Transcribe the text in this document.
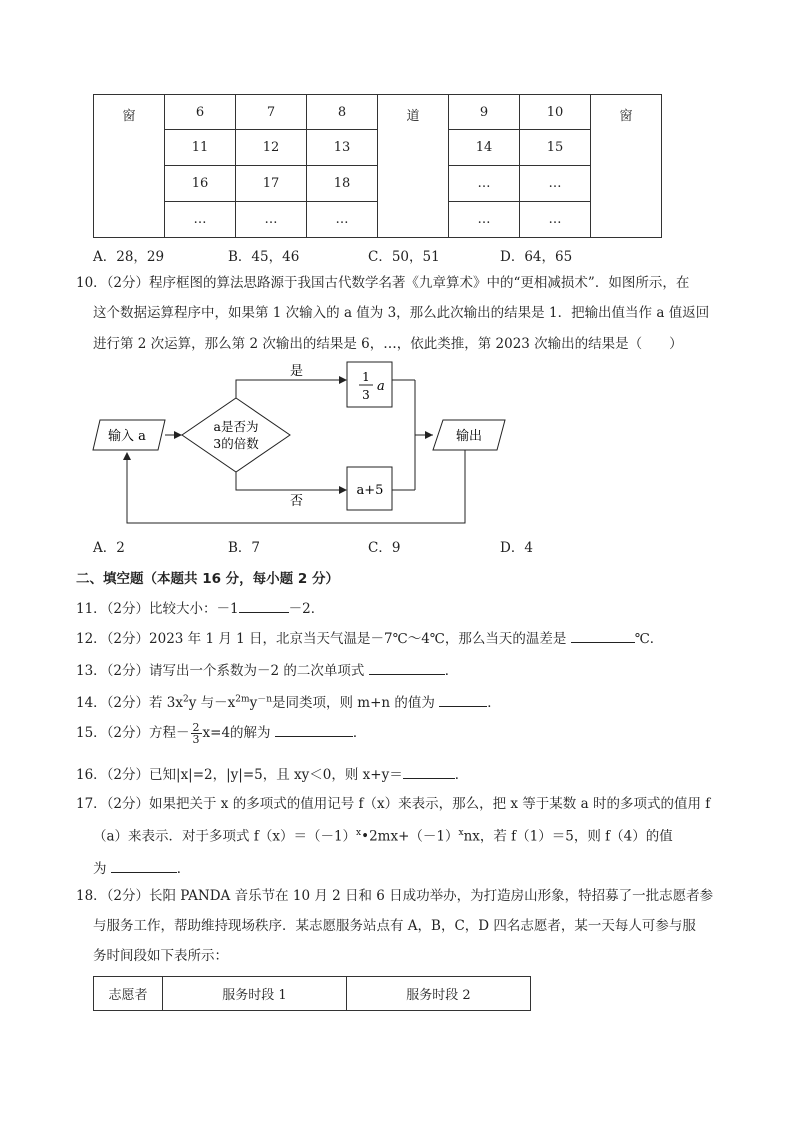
窗	6	7	8	道	9	10	窗
	11	12	13		14	15	
	16	17	18		…	…	
	…	…	…		…	…	
A．28，29	B．45，46	C．50，51	D．64，65
10．（2分）程序框图的算法思路源于我国古代数学名著《九章算术》中的“更相减损术”．如图所示，在
这个数据运算程序中，如果第 1 次输入的 a 值为 3，那么此次输出的结果是 1．把输出值当作 a 值返回
进行第 2 次运算，那么第 2 次输出的结果是 6，…，依此类推，第 2023 次输出的结果是（　　）
输入 a
a是否为
3的倍数
是
否
1
3
a
a+5
输出
A．2	B．7	C．9	D．4
二、填空题（本题共 16 分，每小题 2 分）
11．（2分）比较大小：－1	－2．
12．（2分）2023 年 1 月 1 日，北京当天气温是－7℃～4℃，那么当天的温差是	℃．
13．（2分）请写出一个系数为－2 的二次单项式	．
14．（2分）若 $3x^2y$ 与$-x^{2m}y^{-n}$是同类项，则 m+n 的值为	．
15．（2分）方程－ $\frac{2}{3} x=4$的解为	．
16．（2分）已知|x|=2，|y|=5，且 xy＜0，则 x+y＝	．
17．（2分）如果把关于 x 的多项式的值用记号 f（x）来表示，那么，把 x 等于某数 a 时的多项式的值用 f
（a）来表示．对于多项式 $f(x)=(-1)^x•2mx+(-1)^xnx$，若 f（1）＝5，则 f（4）的值
为	．
18．（2分）长阳 PANDA 音乐节在 10 月 2 日和 6 日成功举办，为打造房山形象，特招募了一批志愿者参
与服务工作，帮助维持现场秩序．某志愿服务站点有 A，B，C，D 四名志愿者，某一天每人可参与服
务时间段如下表所示：
志愿者	服务时段 1	服务时段 2
